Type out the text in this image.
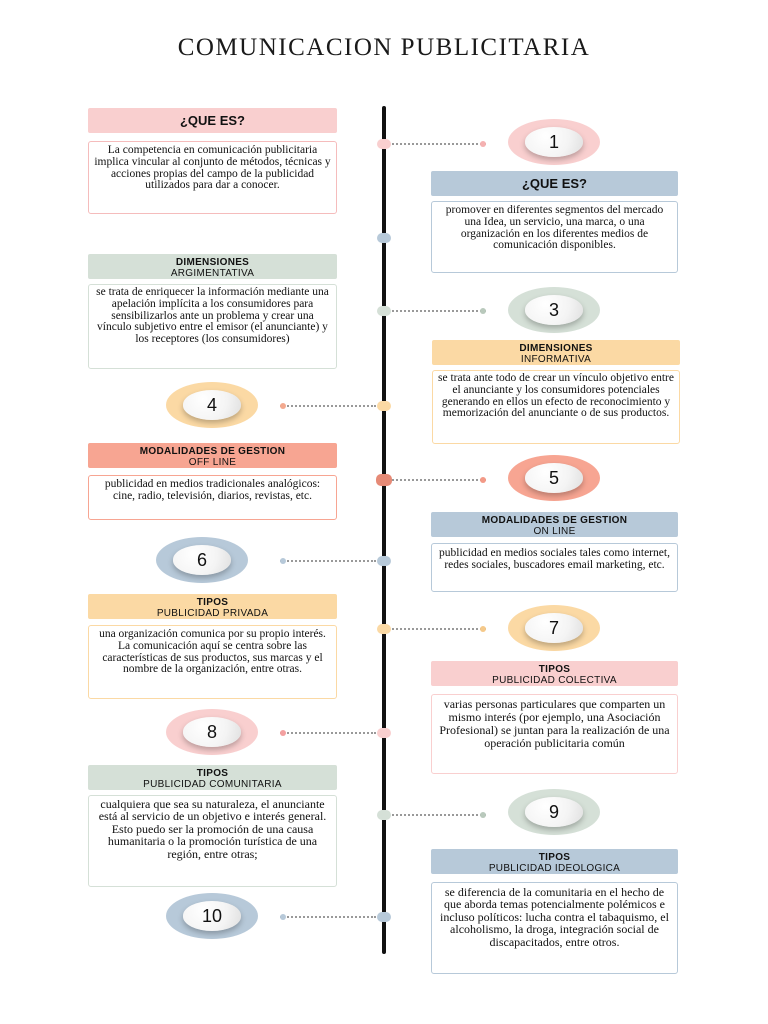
COMUNICACION PUBLICITARIA
¿QUE ES?
La competencia en comunicación publicitaria implica vincular al conjunto de métodos, técnicas y acciones propias del campo de la publicidad utilizados para dar a conocer.
1
¿QUE ES?
promover en diferentes segmentos del mercado una Idea, un servicio, una marca, o una organización en los diferentes medios de comunicación disponibles.
DIMENSIONES
ARGIMENTATIVA
se trata de enriquecer la información mediante una apelación implícita a los consumidores para sensibilizarlos ante un problema y crear una vínculo subjetivo entre el emisor (el anunciante) y los receptores (los consumidores)
3
DIMENSIONES
INFORMATIVA
se trata ante todo de crear un vínculo objetivo entre el anunciante y los consumidores potenciales generando en ellos un efecto de reconocimiento y memorización del anunciante o de sus productos.
4
MODALIDADES DE GESTION
OFF LINE
publicidad en medios tradicionales analógicos: cine, radio, televisión, diarios, revistas, etc.
5
MODALIDADES DE GESTION
ON LINE
publicidad en medios sociales tales como internet, redes sociales, buscadores email marketing, etc.
6
TIPOS
PUBLICIDAD PRIVADA
una organización comunica por su propio interés. La comunicación aquí se centra sobre las características de sus productos, sus marcas y el nombre de la organización, entre otras.
7
TIPOS
PUBLICIDAD COLECTIVA
varias personas particulares que comparten un mismo interés (por ejemplo, una Asociación Profesional) se juntan para la realización de una operación publicitaria común
8
TIPOS
PUBLICIDAD COMUNITARIA
cualquiera que sea su naturaleza, el anunciante está al servicio de un objetivo e interés general. Esto puedo ser la promoción de una causa humanitaria o la promoción turística de una región, entre otras;
9
TIPOS
PUBLICIDAD IDEOLOGICA
se diferencia de la comunitaria en el hecho de que aborda temas potencialmente polémicos e incluso políticos: lucha contra el tabaquismo, el alcoholismo, la droga, integración social de discapacitados, entre otros.
10
